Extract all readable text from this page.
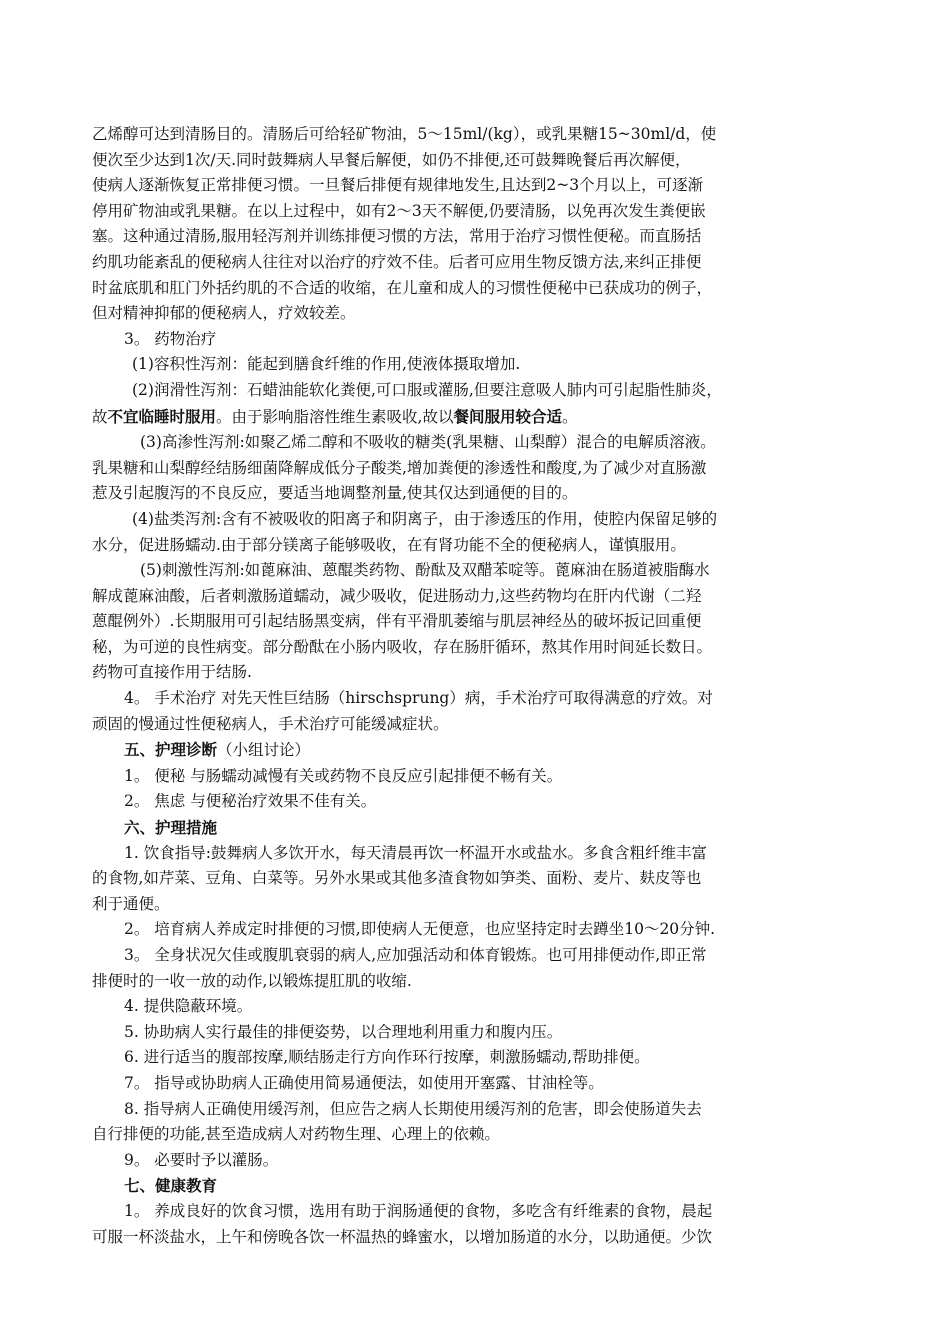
乙烯醇可达到清肠目的。清肠后可给轻矿物油，5～15ml/(kg），或乳果糖15~30ml/d，使

便次至少达到1次/天.同时鼓舞病人早餐后解便，如仍不排便,还可鼓舞晚餐后再次解便，

使病人逐渐恢复正常排便习惯。一旦餐后排便有规律地发生,且达到2~3个月以上，可逐渐

停用矿物油或乳果糖。在以上过程中，如有2～3天不解便,仍要清肠，以免再次发生粪便嵌

塞。这种通过清肠,服用轻泻剂并训练排便习惯的方法，常用于治疗习惯性便秘。而直肠括

约肌功能紊乱的便秘病人往往对以治疗的疗效不佳。后者可应用生物反馈方法,来纠正排便

时盆底肌和肛门外括约肌的不合适的收缩，在儿童和成人的习惯性便秘中已获成功的例子，

但对精神抑郁的便秘病人，疗效较差。

3。 药物治疗

(1)容积性泻剂：能起到膳食纤维的作用,使液体摄取增加.

(2)润滑性泻剂：石蜡油能软化粪便,可口服或灌肠,但要注意吸人肺内可引起脂性肺炎，

故不宜临睡时服用。由于影响脂溶性维生素吸收,故以餐间服用较合适。

(3)高渗性泻剂:如聚乙烯二醇和不吸收的糖类(乳果糖、山梨醇）混合的电解质溶液。

乳果糖和山梨醇经结肠细菌降解成低分子酸类,增加粪便的渗透性和酸度,为了减少对直肠激

惹及引起腹泻的不良反应，要适当地调整剂量,使其仅达到通便的目的。

(4)盐类泻剂:含有不被吸收的阳离子和阴离子，由于渗透压的作用，使腔内保留足够的

水分，促进肠蠕动.由于部分镁离子能够吸收，在有肾功能不全的便秘病人，谨慎服用。

(5)刺激性泻剂:如蓖麻油、蒽醌类药物、酚酞及双醋苯啶等。蓖麻油在肠道被脂酶水

解成蓖麻油酸，后者刺激肠道蠕动，减少吸收，促进肠动力,这些药物均在肝内代谢（二羟

蒽醌例外）.长期服用可引起结肠黑变病，伴有平滑肌萎缩与肌层神经丛的破坏扳记回重便

秘，为可逆的良性病变。部分酚酞在小肠内吸收，存在肠肝循环，熬其作用时间延长数日。

药物可直接作用于结肠.

4。 手术治疗 对先天性巨结肠（hirschsprung）病，手术治疗可取得满意的疗效。对

顽固的慢通过性便秘病人，手术治疗可能缓减症状。

五、护理诊断（小组讨论）

1。 便秘 与肠蠕动减慢有关或药物不良反应引起排便不畅有关。

2。 焦虑 与便秘治疗效果不佳有关。

六、护理措施

1. 饮食指导:鼓舞病人多饮开水，每天清晨再饮一杯温开水或盐水。多食含粗纤维丰富

的食物,如芹菜、豆角、白菜等。另外水果或其他多渣食物如笋类、面粉、麦片、麸皮等也

利于通便。

2。 培育病人养成定时排便的习惯,即使病人无便意，也应坚持定时去蹲坐10～20分钟.

3。 全身状况欠佳或腹肌衰弱的病人,应加强活动和体育锻炼。也可用排便动作,即正常

排便时的一收一放的动作,以锻炼提肛肌的收缩.

4. 提供隐蔽环境。

5. 协助病人实行最佳的排便姿势，以合理地利用重力和腹内压。

6. 进行适当的腹部按摩,顺结肠走行方向作环行按摩，刺激肠蠕动,帮助排便。

7。 指导或协助病人正确使用简易通便法，如使用开塞露、甘油栓等。

8. 指导病人正确使用缓泻剂，但应告之病人长期使用缓泻剂的危害，即会使肠道失去

自行排便的功能,甚至造成病人对药物生理、心理上的依赖。

9。 必要时予以灌肠。

七、健康教育

1。 养成良好的饮食习惯，选用有助于润肠通便的食物，多吃含有纤维素的食物，晨起

可服一杯淡盐水，上午和傍晚各饮一杯温热的蜂蜜水，以增加肠道的水分，以助通便。少饮
